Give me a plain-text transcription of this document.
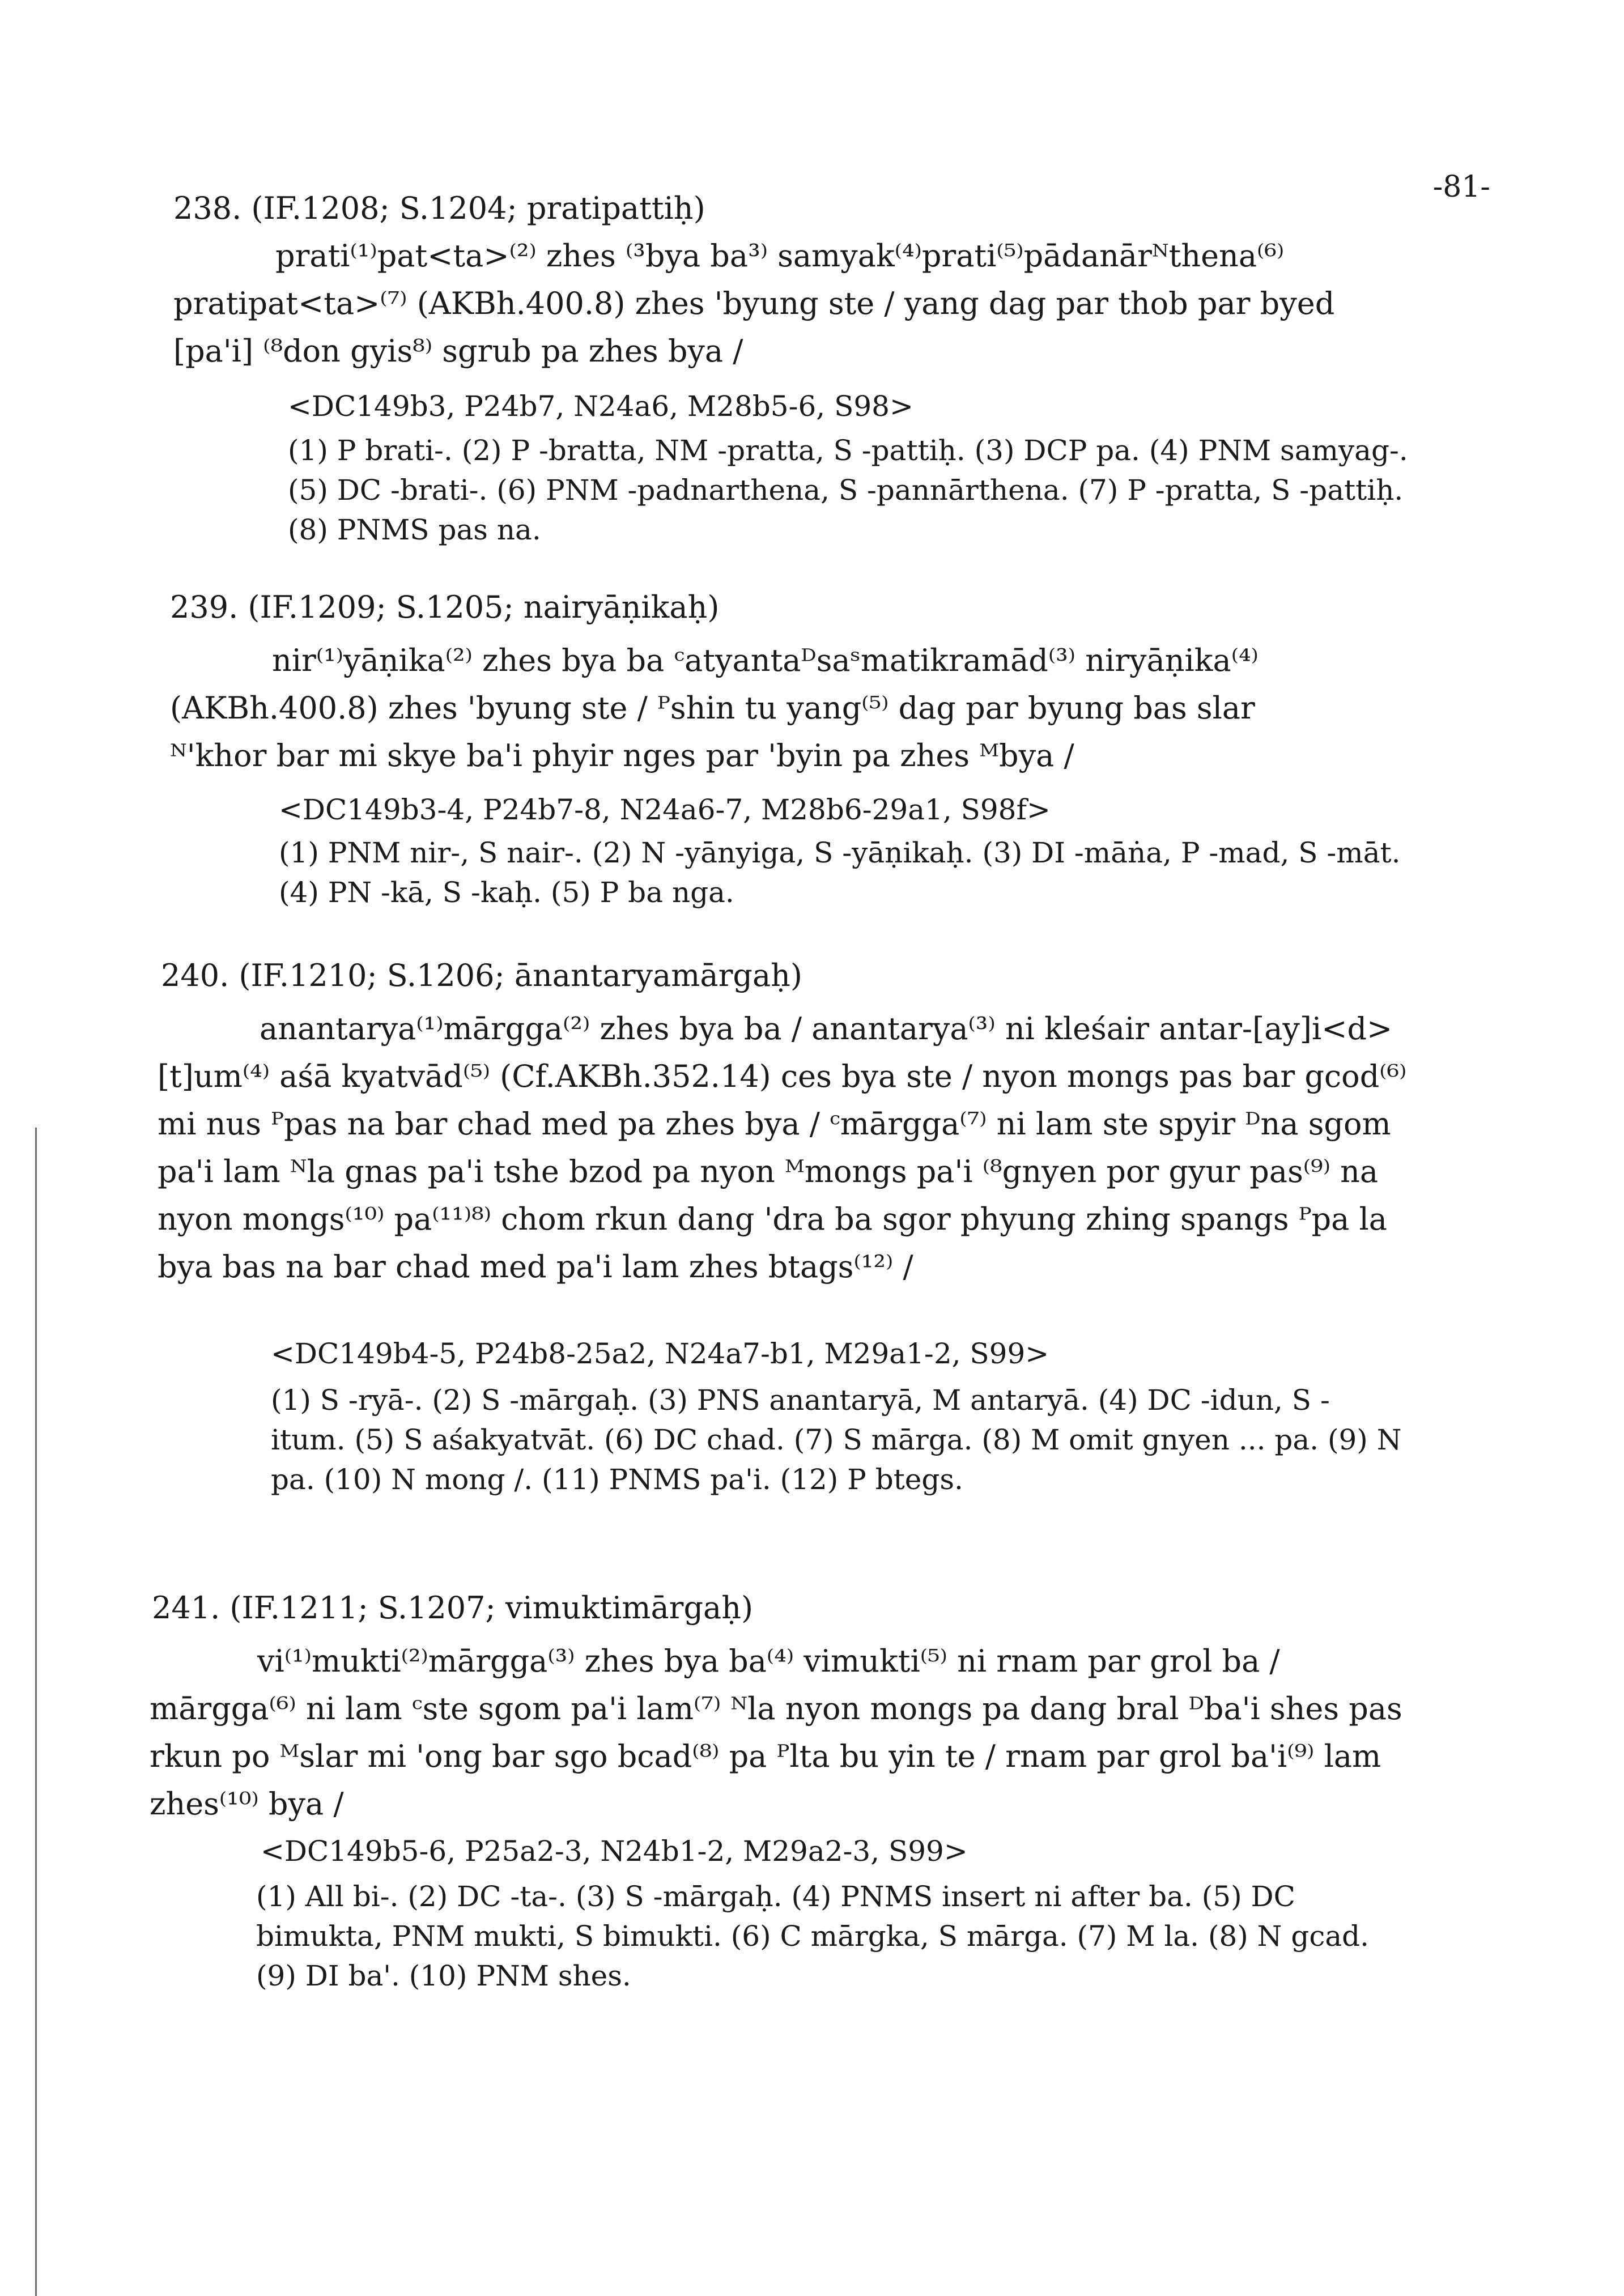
-81-

238. (IF.1208; S.1204; pratipattiḥ)

prati⁽¹⁾pat<ta>⁽²⁾ zhes ⁽³bya ba³⁾ samyak⁽⁴⁾prati⁽⁵⁾pādanārᴺthena⁽⁶⁾ pratipat<ta>⁽⁷⁾ (AKBh.400.8) zhes 'byung ste / yang dag par thob par byed [pa'i] ⁽⁸don gyis⁸⁾ sgrub pa zhes bya /

<DC149b3, P24b7, N24a6, M28b5-6, S98>

(1) P brati-. (2) P -bratta, NM -pratta, S -pattiḥ. (3) DCP pa. (4) PNM samyag-. (5) DC -brati-. (6) PNM -padnarthena, S -pannārthena. (7) P -pratta, S -pattiḥ. (8) PNMS pas na.

239. (IF.1209; S.1205; nairyāṇikaḥ)

nir⁽¹⁾yāṇika⁽²⁾ zhes bya ba ᶜatyantaᴰsaˢmatikramād⁽³⁾ niryāṇika⁽⁴⁾ (AKBh.400.8) zhes 'byung ste / ᴾshin tu yang⁽⁵⁾ dag par byung bas slar ᴺ'khor bar mi skye ba'i phyir nges par 'byin pa zhes ᴹbya /

<DC149b3-4, P24b7-8, N24a6-7, M28b6-29a1, S98f>

(1) PNM nir-, S nair-. (2) N -yānyiga, S -yāṇikaḥ. (3) DI -māṅa, P -mad, S -māt. (4) PN -kā, S -kaḥ. (5) P ba nga.

240. (IF.1210; S.1206; ānantaryamārgaḥ)

anantarya⁽¹⁾mārgga⁽²⁾ zhes bya ba / anantarya⁽³⁾ ni kleśair antar-[ay]i<d>[t]um⁽⁴⁾ aśā kyatvād⁽⁵⁾ (Cf.AKBh.352.14) ces bya ste / nyon mongs pas bar gcod⁽⁶⁾ mi nus ᴾpas na bar chad med pa zhes bya / ᶜmārgga⁽⁷⁾ ni lam ste spyir ᴰna sgom pa'i lam ᴺla gnas pa'i tshe bzod pa nyon ᴹmongs pa'i ⁽⁸gnyen por gyur pas⁽⁹⁾ na nyon mongs⁽¹⁰⁾ pa⁽¹¹⁾⁸⁾ chom rkun dang 'dra ba sgor phyung zhing spangs ᴾpa la bya bas na bar chad med pa'i lam zhes btags⁽¹²⁾ /

<DC149b4-5, P24b8-25a2, N24a7-b1, M29a1-2, S99>

(1) S -ryā-. (2) S -mārgaḥ. (3) PNS anantaryā, M antaryā. (4) DC -idun, S -itum. (5) S aśakyatvāt. (6) DC chad. (7) S mārga. (8) M omit gnyen ... pa. (9) N pa. (10) N mong /. (11) PNMS pa'i. (12) P btegs.

241. (IF.1211; S.1207; vimuktimārgaḥ)

vi⁽¹⁾mukti⁽²⁾mārgga⁽³⁾ zhes bya ba⁽⁴⁾ vimukti⁽⁵⁾ ni rnam par grol ba / mārgga⁽⁶⁾ ni lam ᶜste sgom pa'i lam⁽⁷⁾ ᴺla nyon mongs pa dang bral ᴰba'i shes pas rkun po ᴹslar mi 'ong bar sgo bcad⁽⁸⁾ pa ᴾlta bu yin te / rnam par grol ba'i⁽⁹⁾ lam zhes⁽¹⁰⁾ bya /

<DC149b5-6, P25a2-3, N24b1-2, M29a2-3, S99>

(1) All bi-. (2) DC -ta-. (3) S -mārgaḥ. (4) PNMS insert ni after ba. (5) DC bimukta, PNM mukti, S bimukti. (6) C mārgka, S mārga. (7) M la. (8) N gcad. (9) DI ba'. (10) PNM shes.
